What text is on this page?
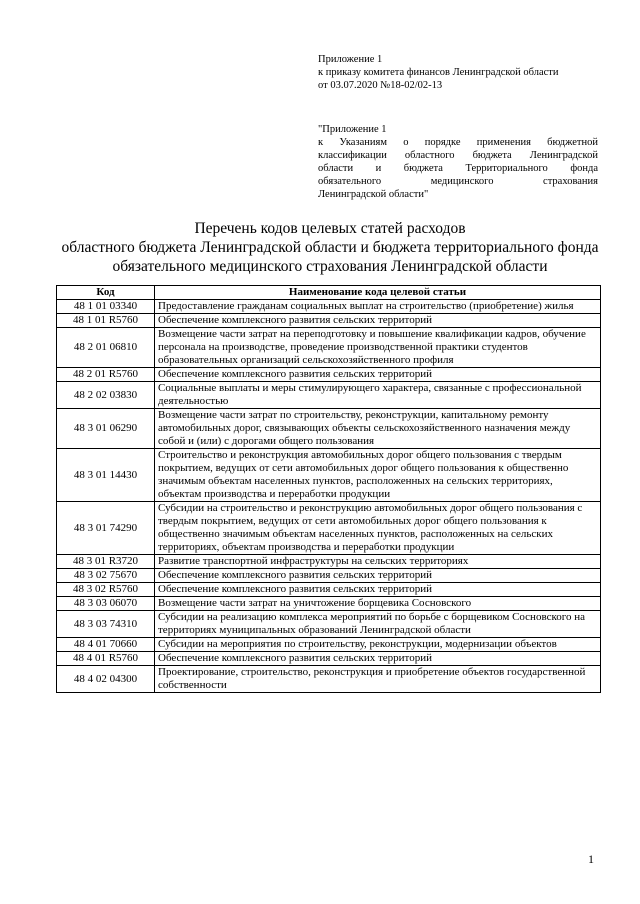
Приложение 1
к приказу комитета финансов Ленинградской области
от 03.07.2020 №18-02/02-13
"Приложение 1
к Указаниям о порядке применения бюджетной
классификации областного бюджета Ленинградской
области и бюджета Территориального фонда
обязательного медицинского страхования
Ленинградской области"
Перечень кодов целевых статей расходов
областного бюджета Ленинградской области и бюджета территориального фонда
обязательного медицинского страхования Ленинградской области
Код	Наименование кода целевой статьи
48 1 01 03340	Предоставление гражданам социальных выплат на строительство (приобретение) жилья
48 1 01 R5760	Обеспечение комплексного развития сельских территорий
48 2 01 06810	Возмещение части затрат на переподготовку и повышение квалификации кадров, обучение персонала на производстве, проведение производственной практики студентов образовательных организаций сельскохозяйственного профиля
48 2 01 R5760	Обеспечение комплексного развития сельских территорий
48 2 02 03830	Социальные выплаты и меры стимулирующего характера, связанные с профессиональной деятельностью
48 3 01 06290	Возмещение части затрат по строительству, реконструкции, капитальному ремонту автомобильных дорог, связывающих объекты сельскохозяйственного назначения между собой и (или) с дорогами общего пользования
48 3 01 14430	Строительство и реконструкция автомобильных дорог общего пользования с твердым покрытием, ведущих от сети автомобильных дорог общего пользования к общественно значимым объектам населенных пунктов, расположенных на сельских территориях, объектам производства и переработки продукции
48 3 01 74290	Субсидии на строительство и реконструкцию автомобильных дорог общего пользования с твердым покрытием, ведущих от сети автомобильных дорог общего пользования к общественно значимым объектам населенных пунктов, расположенных на сельских территориях, объектам производства и переработки продукции
48 3 01 R3720	Развитие транспортной инфраструктуры на сельских территориях
48 3 02 75670	Обеспечение комплексного развития сельских территорий
48 3 02 R5760	Обеспечение комплексного развития сельских территорий
48 3 03 06070	Возмещение части затрат на уничтожение борщевика Сосновского
48 3 03 74310	Субсидии на реализацию комплекса мероприятий по борьбе с борщевиком Сосновского на территориях муниципальных образований Ленинградской области
48 4 01 70660	Субсидии на мероприятия по строительству, реконструкции, модернизации объектов
48 4 01 R5760	Обеспечение комплексного развития сельских территорий
48 4 02 04300	Проектирование, строительство, реконструкция и приобретение объектов государственной собственности
1
